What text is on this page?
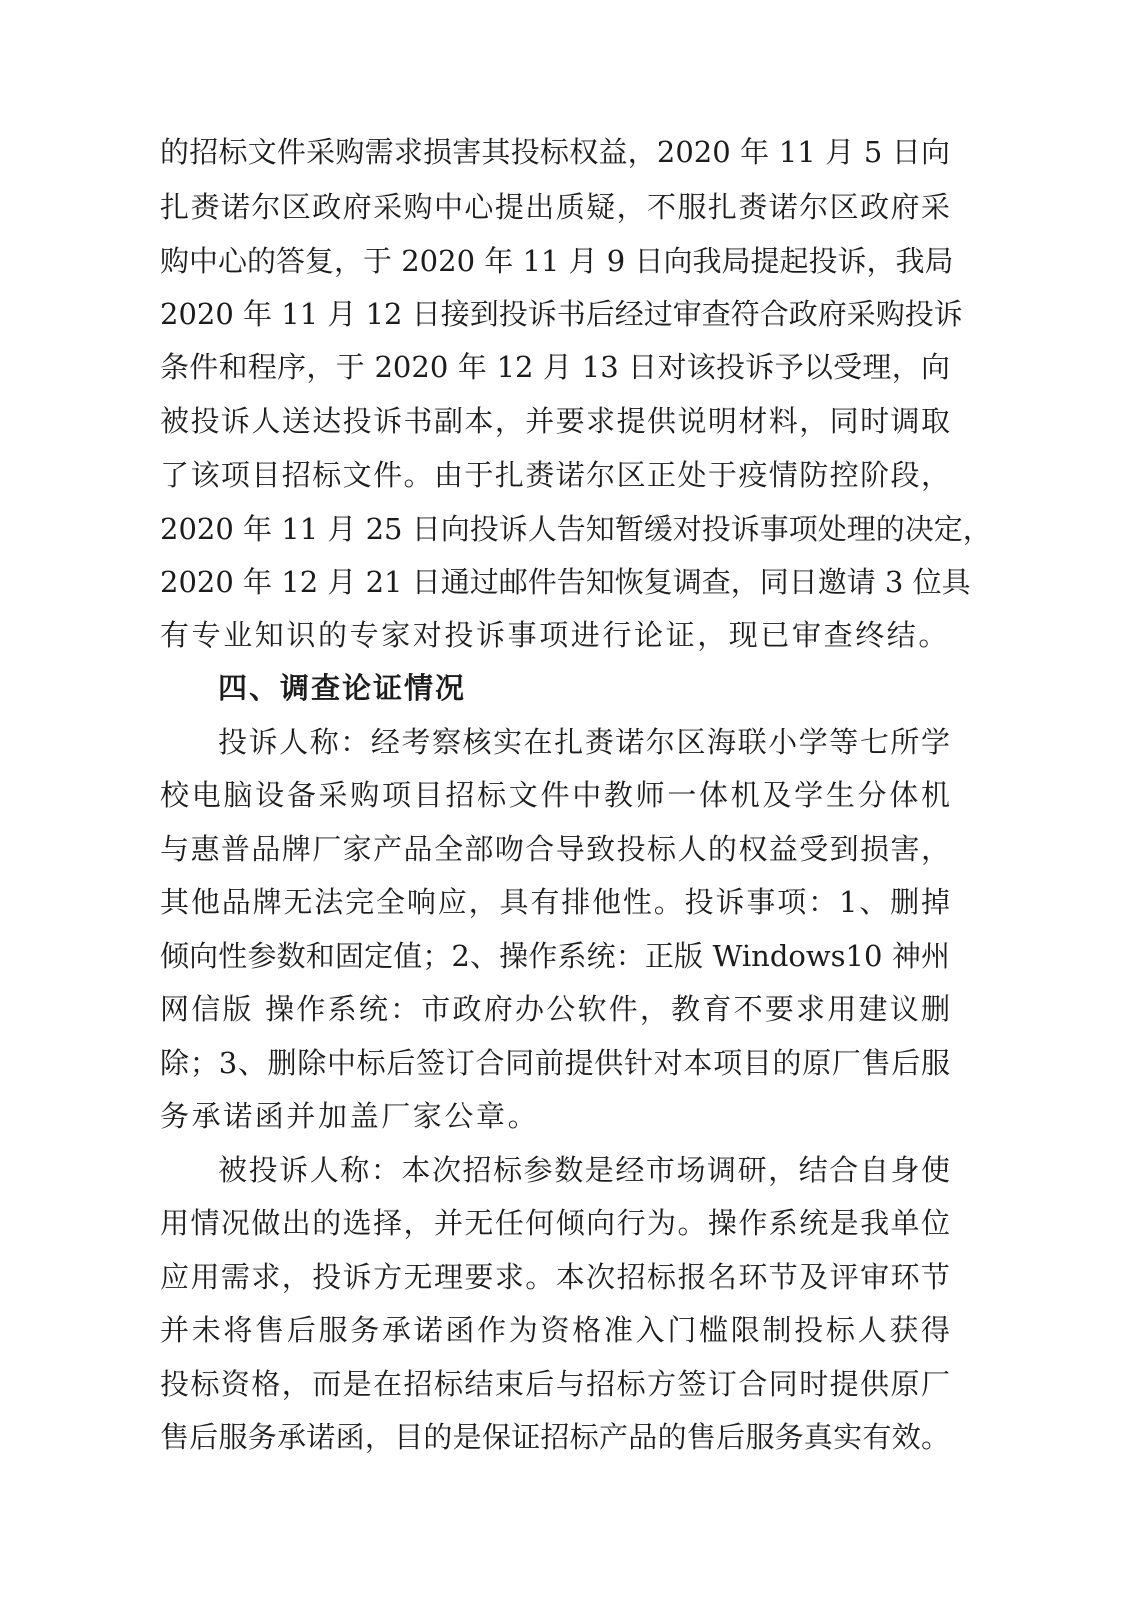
的招标文件采购需求损害其投标权益，2020 年 11 月 5 日向
扎赉诺尔区政府采购中心提出质疑，不服扎赉诺尔区政府采
购中心的答复，于 2020 年 11 月 9 日向我局提起投诉，我局
2020 年 11 月 12 日接到投诉书后经过审查符合政府采购投诉
条件和程序，于 2020 年 12 月 13 日对该投诉予以受理，向
被投诉人送达投诉书副本，并要求提供说明材料，同时调取
了该项目招标文件。由于扎赉诺尔区正处于疫情防控阶段，
2020 年 11 月 25 日向投诉人告知暂缓对投诉事项处理的决定，
2020 年 12 月 21 日通过邮件告知恢复调查，同日邀请 3 位具
有专业知识的专家对投诉事项进行论证，现已审查终结。
四、调查论证情况
投诉人称：经考察核实在扎赉诺尔区海联小学等七所学
校电脑设备采购项目招标文件中教师一体机及学生分体机
与惠普品牌厂家产品全部吻合导致投标人的权益受到损害，
其他品牌无法完全响应，具有排他性。投诉事项：1、删掉
倾向性参数和固定值；2、操作系统：正版 Windows10 神州
网信版 操作系统：市政府办公软件，教育不要求用建议删
除；3、删除中标后签订合同前提供针对本项目的原厂售后服
务承诺函并加盖厂家公章。
被投诉人称：本次招标参数是经市场调研，结合自身使
用情况做出的选择，并无任何倾向行为。操作系统是我单位
应用需求，投诉方无理要求。本次招标报名环节及评审环节
并未将售后服务承诺函作为资格准入门槛限制投标人获得
投标资格，而是在招标结束后与招标方签订合同时提供原厂
售后服务承诺函，目的是保证招标产品的售后服务真实有效。
